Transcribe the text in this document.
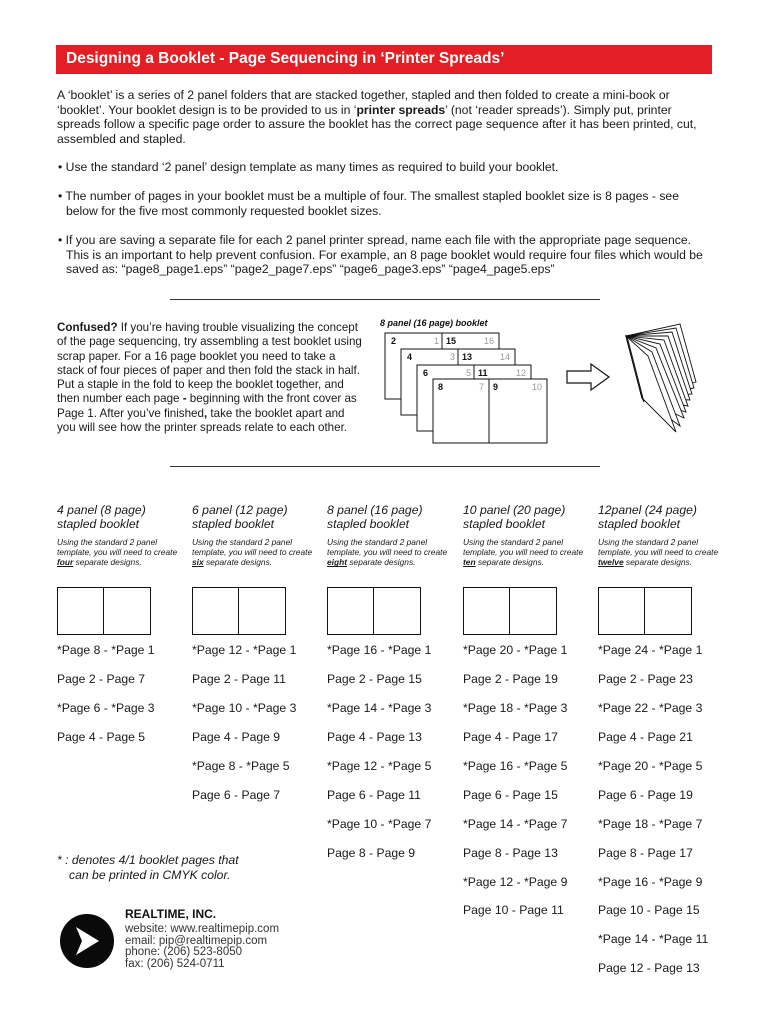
Designing a Booklet - Page Sequencing in ‘Printer Spreads’
A ‘booklet’ is a series of 2 panel folders that are stacked together, stapled and then folded to create a mini-book or ‘booklet’. Your booklet design is to be provided to us in ‘printer spreads’ (not ‘reader spreads’). Simply put, printer spreads follow a specific page order to assure the booklet has the correct page sequence after it has been printed, cut, assembled and stapled.
• Use the standard ‘2 panel’ design template as many times as required to build your booklet.
• The number of pages in your booklet must be a multiple of four. The smallest stapled booklet size is 8 pages - see
below for the five most commonly requested booklet sizes.
• If you are saving a separate file for each 2 panel printer spread, name each file with the appropriate page sequence.
This is an important to help prevent confusion. For example, an 8 page booklet would require four files which would be saved as: “page8_page1.eps” “page2_page7.eps” “page6_page3.eps” “page4_page5.eps”
Confused? If you’re having trouble visualizing the concept of the page sequencing, try assembling a test booklet using scrap paper. For a 16 page booklet you need to take a stack of four pieces of paper and then fold the stack in half. Put a staple in the fold to keep the booklet together, and then number each page - beginning with the front cover as Page 1. After you’ve finished, take the booklet apart and you will see how the printer spreads relate to each other.
8 panel (16 page) booklet
2	1 15	16
4	3 13	14
6	5 11	12
8	7 9	10
4 panel (8 page)
stapled booklet
Using the standard 2 panel template, you will need to create four separate designs.
*Page 8 - *Page 1
Page 2 - Page 7
*Page 6 - *Page 3
Page 4 - Page 5
6 panel (12 page)
stapled booklet
Using the standard 2 panel template, you will need to create six separate designs.
*Page 12 - *Page 1
Page 2 - Page 11
*Page 10 - *Page 3
Page 4 - Page 9
*Page 8 - *Page 5
Page 6 - Page 7
8 panel (16 page)
stapled booklet
Using the standard 2 panel template, you will need to create eight separate designs.
*Page 16 - *Page 1
Page 2 - Page 15
*Page 14 - *Page 3
Page 4 - Page 13
*Page 12 - *Page 5
Page 6 - Page 11
*Page 10 - *Page 7
Page 8 - Page 9
10 panel (20 page)
stapled booklet
Using the standard 2 panel template, you will need to create ten separate designs.
*Page 20 - *Page 1
Page 2 - Page 19
*Page 18 - *Page 3
Page 4 - Page 17
*Page 16 - *Page 5
Page 6 - Page 15
*Page 14 - *Page 7
Page 8 - Page 13
*Page 12 - *Page 9
Page 10 - Page 11
12panel (24 page)
stapled booklet
Using the standard 2 panel template, you will need to create twelve separate designs.
*Page 24 - *Page 1
Page 2 - Page 23
*Page 22 - *Page 3
Page 4 - Page 21
*Page 20 - *Page 5
Page 6 - Page 19
*Page 18 - *Page 7
Page 8 - Page 17
*Page 16 - *Page 9
Page 10 - Page 15
*Page 14 - *Page 11
Page 12 - Page 13
* : denotes 4/1 booklet pages that
can be printed in CMYK color.
REALTIME, INC.
website: www.realtimepip.com
email: pip@realtimepip.com
phone: (206) 523-8050
fax: (206) 524-0711
